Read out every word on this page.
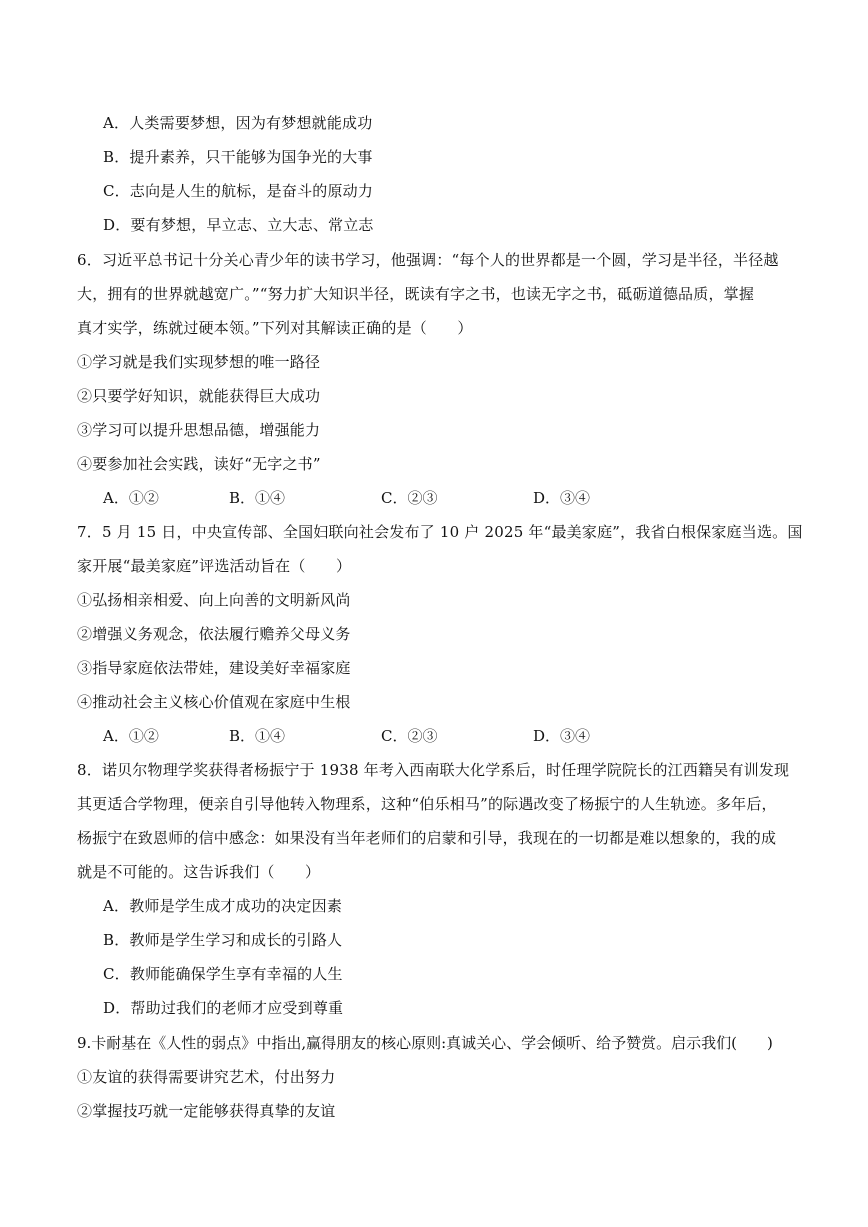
A．人类需要梦想，因为有梦想就能成功
B．提升素养，只干能够为国争光的大事
C．志向是人生的航标，是奋斗的原动力
D．要有梦想，早立志、立大志、常立志
6．习近平总书记十分关心青少年的读书学习，他强调：“每个人的世界都是一个圆，学习是半径，半径越
大，拥有的世界就越宽广。”“努力扩大知识半径，既读有字之书，也读无字之书，砥砺道德品质，掌握
真才实学，练就过硬本领。”下列对其解读正确的是（　　）
①学习就是我们实现梦想的唯一路径
②只要学好知识，就能获得巨大成功
③学习可以提升思想品德，增强能力
④要参加社会实践，读好“无字之书”
A．①②	B．①④	C．②③	D．③④
7．5 月 15 日，中央宣传部、全国妇联向社会发布了 10 户 2025 年“最美家庭”，我省白根保家庭当选。国
家开展“最美家庭”评选活动旨在（　　）
①弘扬相亲相爱、向上向善的文明新风尚
②增强义务观念，依法履行赡养父母义务
③指导家庭依法带娃，建设美好幸福家庭
④推动社会主义核心价值观在家庭中生根
A．①②	B．①④	C．②③	D．③④
8．诺贝尔物理学奖获得者杨振宁于 1938 年考入西南联大化学系后，时任理学院院长的江西籍吴有训发现
其更适合学物理，便亲自引导他转入物理系，这种“伯乐相马”的际遇改变了杨振宁的人生轨迹。多年后，
杨振宁在致恩师的信中感念：如果没有当年老师们的启蒙和引导，我现在的一切都是难以想象的，我的成
就是不可能的。这告诉我们（　　）
A．教师是学生成才成功的决定因素
B．教师是学生学习和成长的引路人
C．教师能确保学生享有幸福的人生
D．帮助过我们的老师才应受到尊重
9.卡耐基在《人性的弱点》中指出,赢得朋友的核心原则:真诚关心、学会倾听、给予赞赏。启示我们(　　)
①友谊的获得需要讲究艺术，付出努力
②掌握技巧就一定能够获得真挚的友谊
